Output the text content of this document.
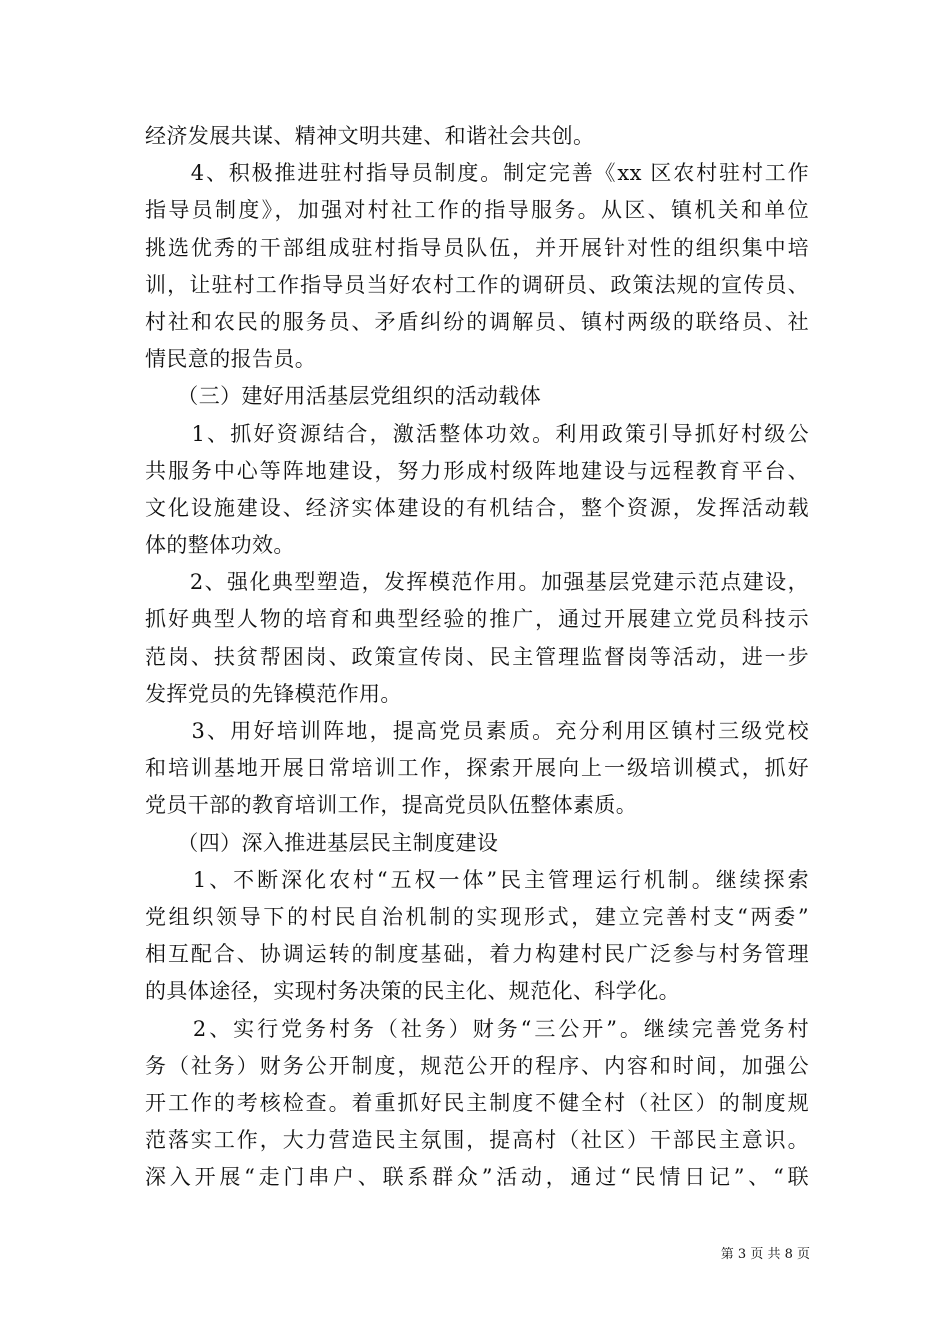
经济发展共谋、精神文明共建、和谐社会共创。
　　4、积极推进驻村指导员制度。制定完善《xx 区农村驻村工作
指导员制度》，加强对村社工作的指导服务。从区、镇机关和单位
挑选优秀的干部组成驻村指导员队伍，并开展针对性的组织集中培
训，让驻村工作指导员当好农村工作的调研员、政策法规的宣传员、
村社和农民的服务员、矛盾纠纷的调解员、镇村两级的联络员、社
情民意的报告员。
　　（三）建好用活基层党组织的活动载体
　　1、抓好资源结合，激活整体功效。利用政策引导抓好村级公
共服务中心等阵地建设，努力形成村级阵地建设与远程教育平台、
文化设施建设、经济实体建设的有机结合，整个资源，发挥活动载
体的整体功效。
　　2、强化典型塑造，发挥模范作用。加强基层党建示范点建设，
抓好典型人物的培育和典型经验的推广，通过开展建立党员科技示
范岗、扶贫帮困岗、政策宣传岗、民主管理监督岗等活动，进一步
发挥党员的先锋模范作用。
　　3、用好培训阵地，提高党员素质。充分利用区镇村三级党校
和培训基地开展日常培训工作，探索开展向上一级培训模式，抓好
党员干部的教育培训工作，提高党员队伍整体素质。
　　（四）深入推进基层民主制度建设
　　1、不断深化农村“五权一体”民主管理运行机制。继续探索
党组织领导下的村民自治机制的实现形式，建立完善村支“两委”
相互配合、协调运转的制度基础，着力构建村民广泛参与村务管理
的具体途径，实现村务决策的民主化、规范化、科学化。
　　2、实行党务村务（社务）财务“三公开”。继续完善党务村
务（社务）财务公开制度，规范公开的程序、内容和时间，加强公
开工作的考核检查。着重抓好民主制度不健全村（社区）的制度规
范落实工作，大力营造民主氛围，提高村（社区）干部民主意识。
深入开展“走门串户、联系群众”活动，通过“民情日记”、“联
第 3 页 共 8 页
